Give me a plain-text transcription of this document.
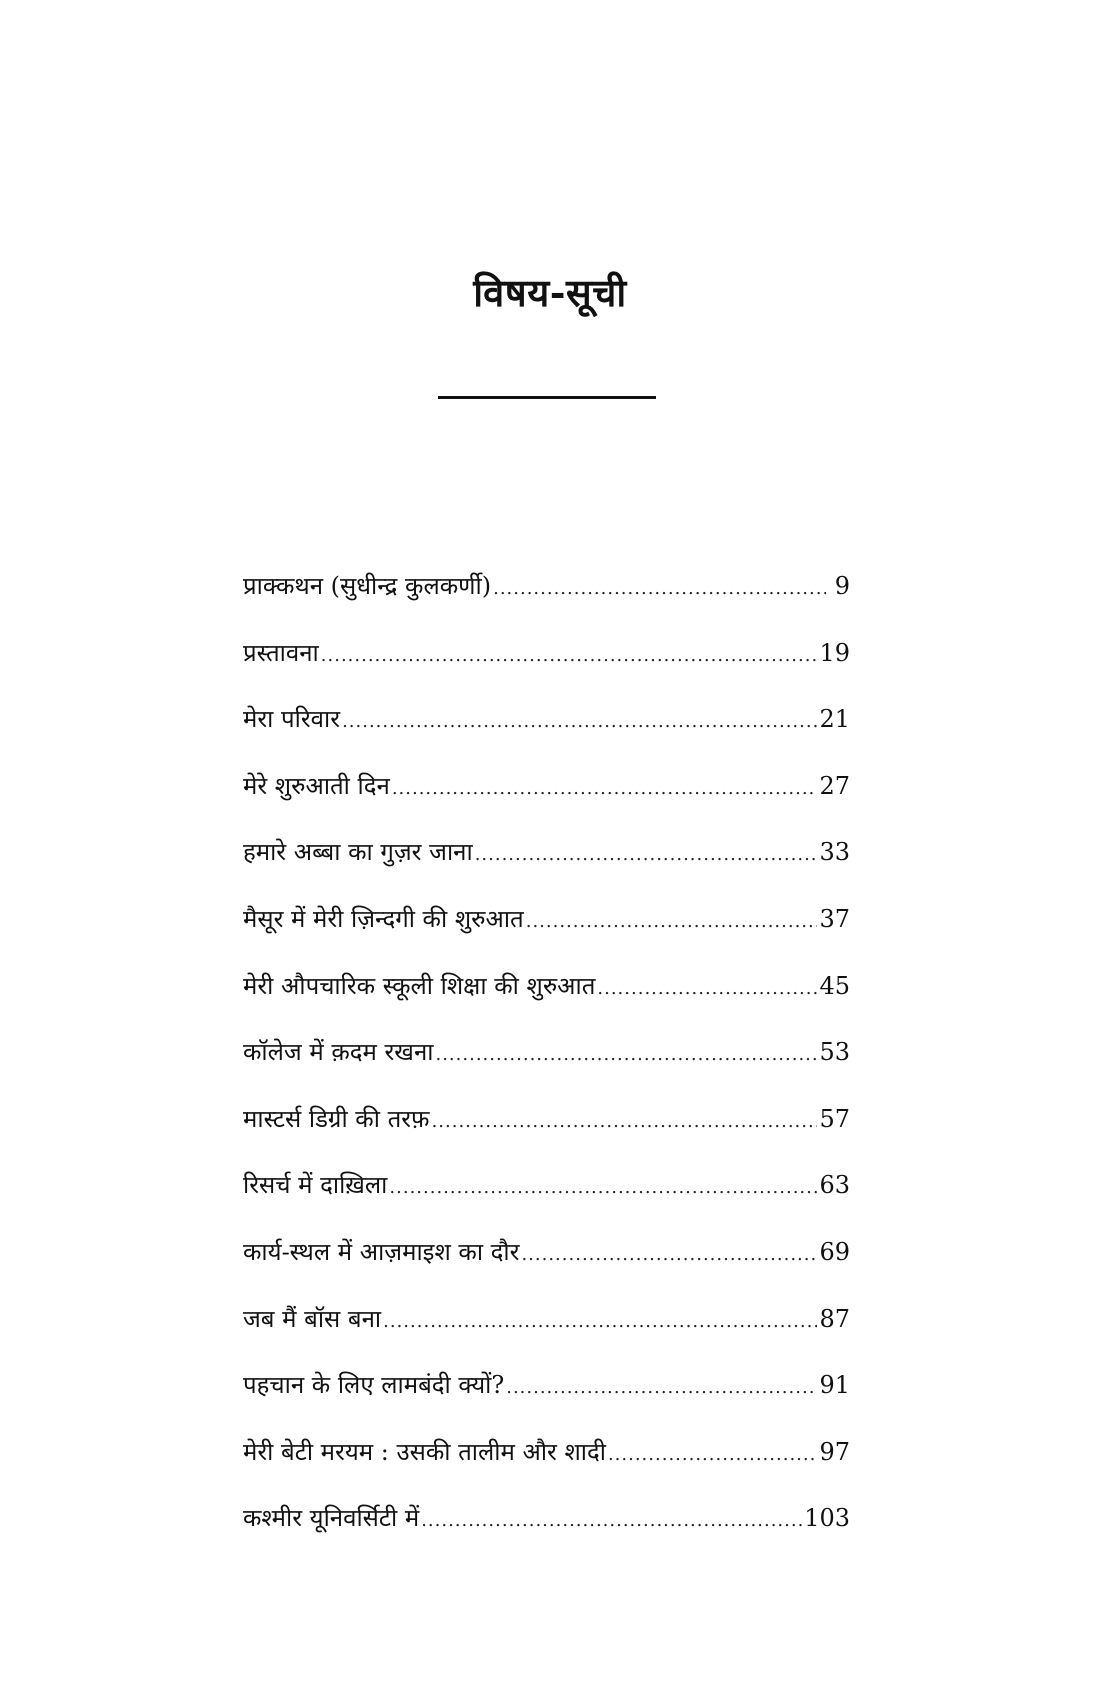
विषय-सूची
प्राक्कथन (सुधीन्द्र कुलकर्णी) .....	9
प्रस्तावना .....	19
मेरा परिवार .....	21
मेरे शुरुआती दिन .....	27
हमारे अब्बा का गुज़र जाना .....	33
मैसूर में मेरी ज़िन्दगी की शुरुआत .....	37
मेरी औपचारिक स्कूली शिक्षा की शुरुआत .....	45
कॉलेज में क़दम रखना .....	53
मास्टर्स डिग्री की तरफ़ .....	57
रिसर्च में दाख़िला .....	63
कार्य-स्थल में आज़माइश का दौर .....	69
जब मैं बॉस बना .....	87
पहचान के लिए लामबंदी क्यों? .....	91
मेरी बेटी मरयम : उसकी तालीम और शादी .....	97
कश्मीर यूनिवर्सिटी में .....	103
